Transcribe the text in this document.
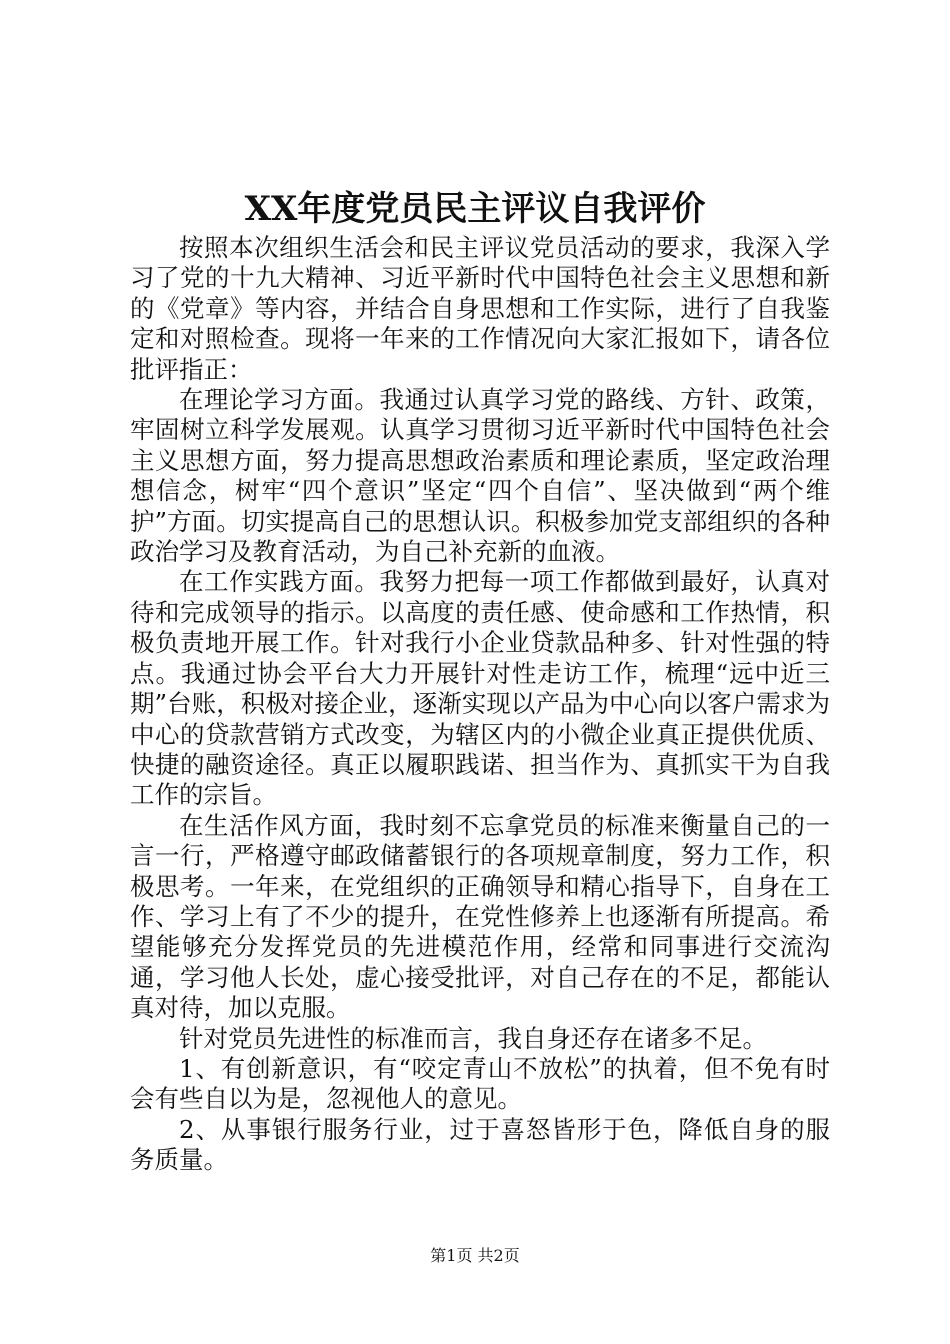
XX年度党员民主评议自我评价

按照本次组织生活会和民主评议党员活动的要求，我深入学习了党的十九大精神、习近平新时代中国特色社会主义思想和新的《党章》等内容，并结合自身思想和工作实际，进行了自我鉴定和对照检查。现将一年来的工作情况向大家汇报如下，请各位批评指正：

在理论学习方面。我通过认真学习党的路线、方针、政策，牢固树立科学发展观。认真学习贯彻习近平新时代中国特色社会主义思想方面，努力提高思想政治素质和理论素质，坚定政治理想信念，树牢“四个意识”坚定“四个自信”、坚决做到“两个维护”方面。切实提高自己的思想认识。积极参加党支部组织的各种政治学习及教育活动，为自己补充新的血液。

在工作实践方面。我努力把每一项工作都做到最好，认真对待和完成领导的指示。以高度的责任感、使命感和工作热情，积极负责地开展工作。针对我行小企业贷款品种多、针对性强的特点。我通过协会平台大力开展针对性走访工作，梳理“远中近三期”台账，积极对接企业，逐渐实现以产品为中心向以客户需求为中心的贷款营销方式改变，为辖区内的小微企业真正提供优质、快捷的融资途径。真正以履职践诺、担当作为、真抓实干为自我工作的宗旨。

在生活作风方面，我时刻不忘拿党员的标准来衡量自己的一言一行，严格遵守邮政储蓄银行的各项规章制度，努力工作，积极思考。一年来，在党组织的正确领导和精心指导下，自身在工作、学习上有了不少的提升，在党性修养上也逐渐有所提高。希望能够充分发挥党员的先进模范作用，经常和同事进行交流沟通，学习他人长处，虚心接受批评，对自己存在的不足，都能认真对待，加以克服。

针对党员先进性的标准而言，我自身还存在诸多不足。

1、有创新意识，有“咬定青山不放松”的执着，但不免有时会有些自以为是，忽视他人的意见。

2、从事银行服务行业，过于喜怒皆形于色，降低自身的服务质量。

第1页 共2页
